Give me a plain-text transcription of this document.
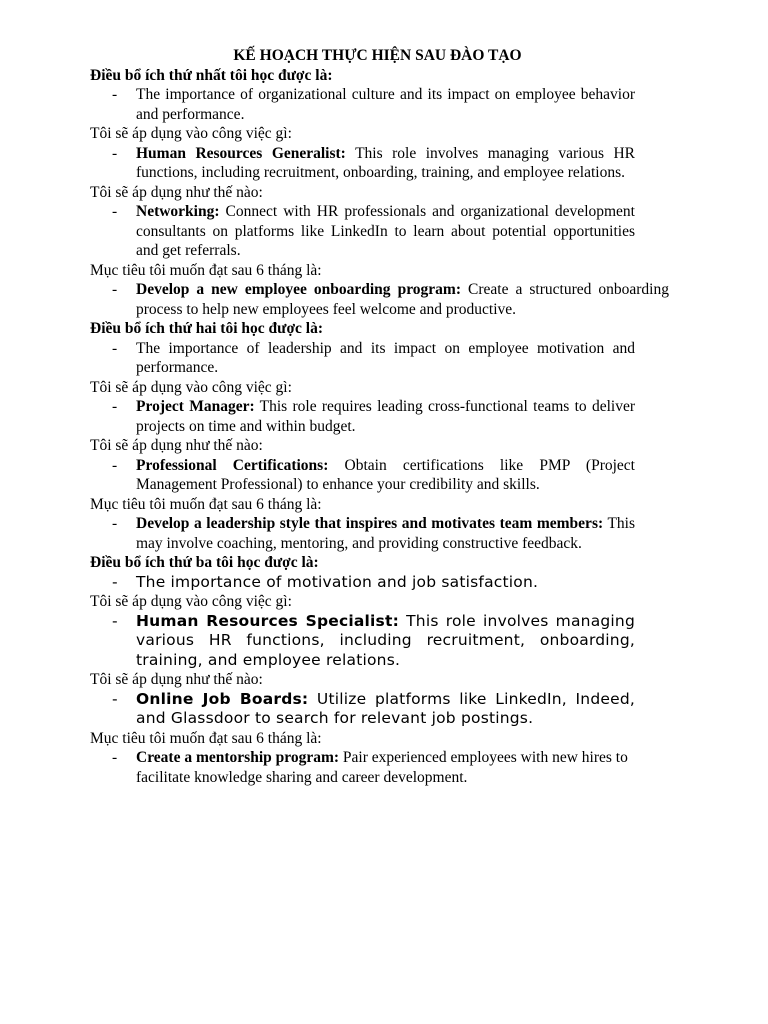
KẾ HOẠCH THỰC HIỆN SAU ĐÀO TẠO
Điều bổ ích thứ nhất tôi học được là:
- The importance of organizational culture and its impact on employee behavior and performance.
Tôi sẽ áp dụng vào công việc gì:
- Human Resources Generalist: This role involves managing various HR functions, including recruitment, onboarding, training, and employee relations.
Tôi sẽ áp dụng như thế nào:
- Networking: Connect with HR professionals and organizational development consultants on platforms like LinkedIn to learn about potential opportunities and get referrals.
Mục tiêu tôi muốn đạt sau 6 tháng là:
- Develop a new employee onboarding program: Create a structured onboarding process to help new employees feel welcome and productive.
Điều bổ ích thứ hai tôi học được là:
- The importance of leadership and its impact on employee motivation and performance.
Tôi sẽ áp dụng vào công việc gì:
- Project Manager: This role requires leading cross-functional teams to deliver projects on time and within budget.
Tôi sẽ áp dụng như thế nào:
- Professional Certifications: Obtain certifications like PMP (Project Management Professional) to enhance your credibility and skills.
Mục tiêu tôi muốn đạt sau 6 tháng là:
- Develop a leadership style that inspires and motivates team members: This may involve coaching, mentoring, and providing constructive feedback.
Điều bổ ích thứ ba tôi học được là:
- The importance of motivation and job satisfaction.
Tôi sẽ áp dụng vào công việc gì:
- Human Resources Specialist: This role involves managing various HR functions, including recruitment, onboarding, training, and employee relations.
Tôi sẽ áp dụng như thế nào:
- Online Job Boards: Utilize platforms like LinkedIn, Indeed, and Glassdoor to search for relevant job postings.
Mục tiêu tôi muốn đạt sau 6 tháng là:
- Create a mentorship program: Pair experienced employees with new hires to facilitate knowledge sharing and career development.
